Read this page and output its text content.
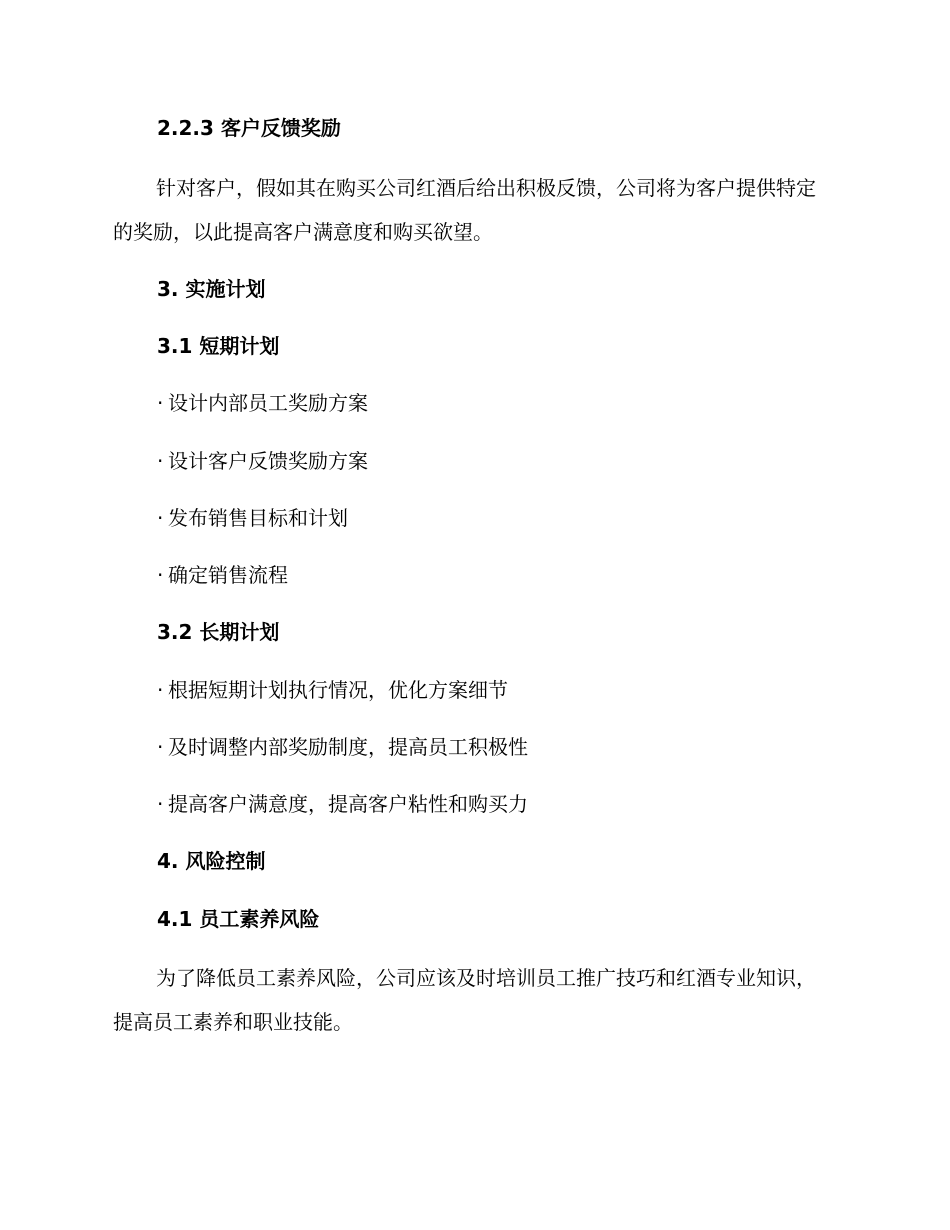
2.2.3 客户反馈奖励

针对客户，假如其在购买公司红酒后给出积极反馈，公司将为客户提供特定的奖励，以此提高客户满意度和购买欲望。

3. 实施计划

3.1 短期计划

· 设计内部员工奖励方案

· 设计客户反馈奖励方案

· 发布销售目标和计划

· 确定销售流程

3.2 长期计划

· 根据短期计划执行情况，优化方案细节

· 及时调整内部奖励制度，提高员工积极性

· 提高客户满意度，提高客户粘性和购买力

4. 风险控制

4.1 员工素养风险

为了降低员工素养风险，公司应该及时培训员工推广技巧和红酒专业知识，提高员工素养和职业技能。
